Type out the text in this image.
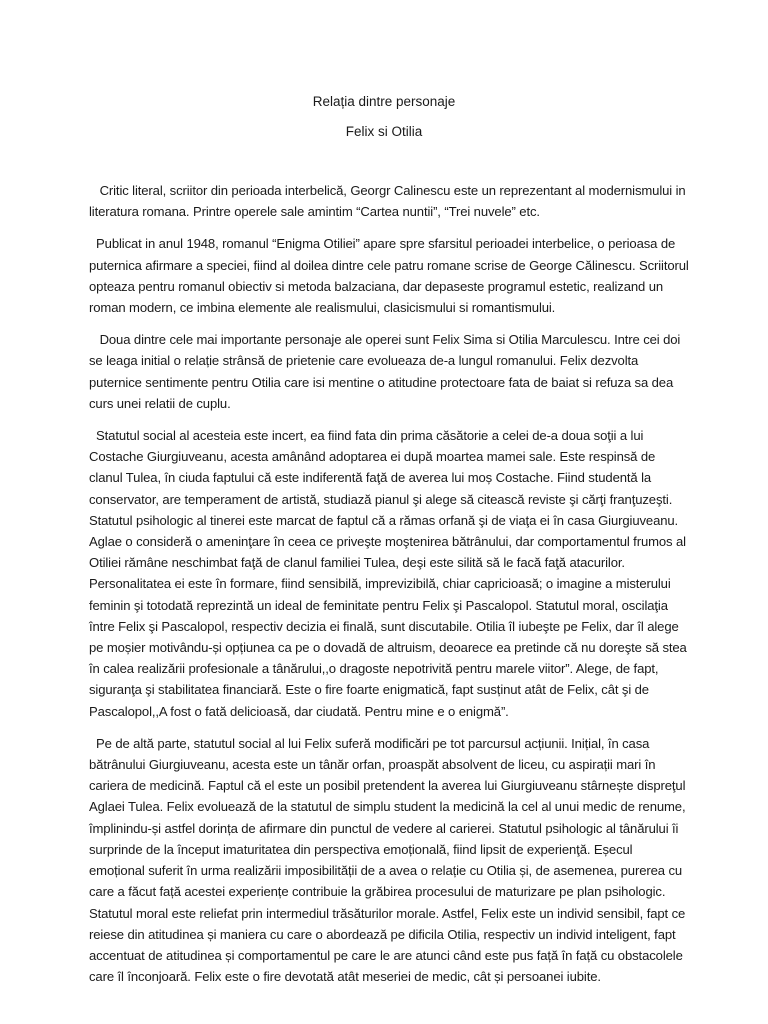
Relația dintre personaje
Felix si Otilia

Critic literal, scriitor din perioada interbelică, Georgr Calinescu este un reprezentant al modernismului in literatura romana. Printre operele sale amintim “Cartea nuntii”, “Trei nuvele” etc.

Publicat in anul 1948, romanul “Enigma Otiliei” apare spre sfarsitul perioadei interbelice, o perioasa de puternica afirmare a speciei, fiind al doilea dintre cele patru romane scrise de George Călinescu. Scriitorul opteaza pentru romanul obiectiv si metoda balzaciana, dar depaseste programul estetic, realizand un roman modern, ce imbina elemente ale realismului, clasicismului si romantismului.

Doua dintre cele mai importante personaje ale operei sunt Felix Sima si Otilia Marculescu. Intre cei doi se leaga initial o relație strânsă de prietenie care evolueaza de-a lungul romanului. Felix dezvolta puternice sentimente pentru Otilia care isi mentine o atitudine protectoare fata de baiat si refuza sa dea curs unei relatii de cuplu.

Statutul social al acesteia este incert, ea fiind fata din prima căsătorie a celei de-a doua soţii a lui Costache Giurgiuveanu, acesta amânând adoptarea ei după moartea mamei sale. Este respinsă de clanul Tulea, în ciuda faptului că este indiferentă faţă de averea lui moș Costache. Fiind studentă la conservator, are temperament de artistă, studiază pianul şi alege să citească reviste şi cărţi franţuzeşti. Statutul psihologic al tinerei este marcat de faptul că a rămas orfană şi de viaţa ei în casa Giurgiuveanu. Aglae o consideră o ameninţare în ceea ce priveşte moştenirea bătrânului, dar comportamentul frumos al Otiliei rămâne neschimbat faţă de clanul familiei Tulea, deşi este silită să le facă faţă atacurilor. Personalitatea ei este în formare, fiind sensibilă, imprevizibilă, chiar capricioasă; o imagine a misterului feminin şi totodată reprezintă un ideal de feminitate pentru Felix şi Pascalopol. Statutul moral, oscilaţia între Felix şi Pascalopol, respectiv decizia ei finală, sunt discutabile. Otilia îl iubeşte pe Felix, dar îl alege pe moșier motivându-și opțiunea ca pe o dovadă de altruism, deoarece ea pretinde că nu doreşte să stea în calea realizării profesionale a tânărului,,o dragoste nepotrivită pentru marele viitor”. Alege, de fapt, siguranţa şi stabilitatea financiară. Este o fire foarte enigmatică, fapt susținut atât de Felix, cât şi de Pascalopol,,A fost o fată delicioasă, dar ciudată. Pentru mine e o enigmă”.

Pe de altă parte, statutul social al lui Felix suferă modificări pe tot parcursul acțiunii. Inițial, în casa bătrânului Giurgiuveanu, acesta este un tânăr orfan, proaspăt absolvent de liceu, cu aspirații mari în cariera de medicină. Faptul că el este un posibil pretendent la averea lui Giurgiuveanu stârnește dispreţul Aglaei Tulea. Felix evoluează de la statutul de simplu student la medicină la cel al unui medic de renume, împlinindu-și astfel dorința de afirmare din punctul de vedere al carierei. Statutul psihologic al tânărului îi surprinde de la început imaturitatea din perspectiva emoțională, fiind lipsit de experienţă. Eșecul emoțional suferit în urma realizării imposibilității de a avea o relație cu Otilia și, de asemenea, purerea cu care a făcut față acestei experiențe contribuie la grăbirea procesului de maturizare pe plan psihologic. Statutul moral este reliefat prin intermediul trăsăturilor morale. Astfel, Felix este un individ sensibil, fapt ce reiese din atitudinea și maniera cu care o abordează pe dificila Otilia, respectiv un individ inteligent, fapt accentuat de atitudinea și comportamentul pe care le are atunci când este pus față în față cu obstacolele care îl înconjoară. Felix este o fire devotată atât meseriei de medic, cât și persoanei iubite.
